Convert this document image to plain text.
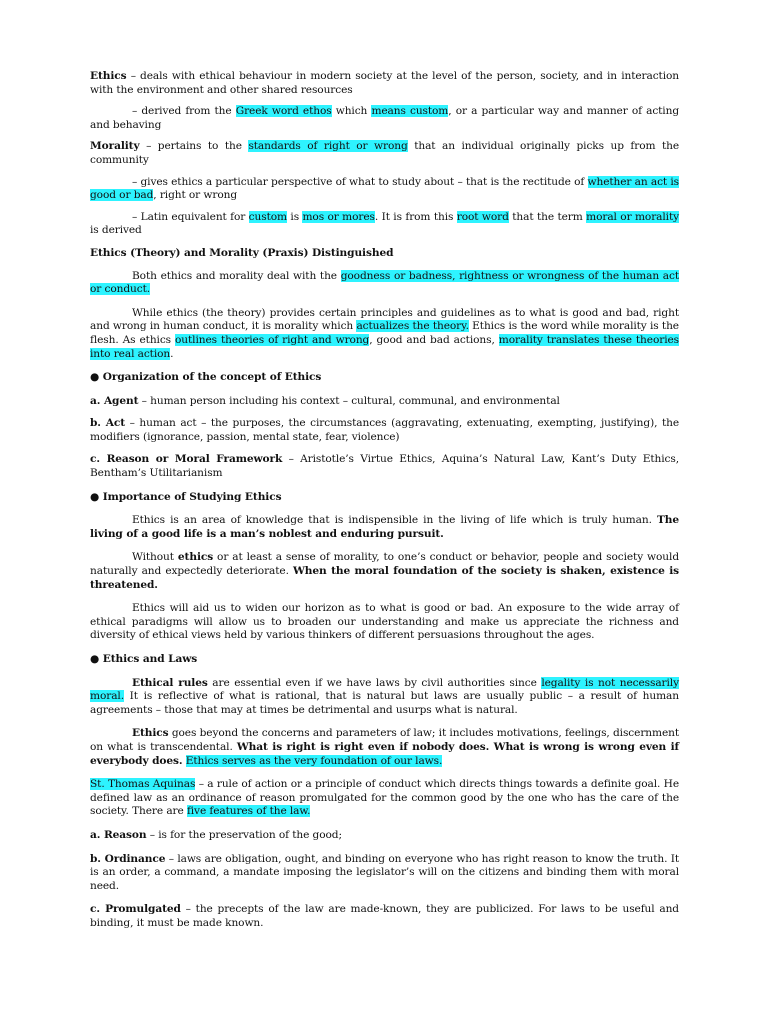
Ethics – deals with ethical behaviour in modern society at the level of the person, society, and in interaction with the environment and other shared resources

– derived from the Greek word ethos which means custom, or a particular way and manner of acting and behaving

Morality – pertains to the standards of right or wrong that an individual originally picks up from the community

– gives ethics a particular perspective of what to study about – that is the rectitude of whether an act is good or bad, right or wrong

– Latin equivalent for custom is mos or mores. It is from this root word that the term moral or morality is derived

Ethics (Theory) and Morality (Praxis) Distinguished

Both ethics and morality deal with the goodness or badness, rightness or wrongness of the human act or conduct.

While ethics (the theory) provides certain principles and guidelines as to what is good and bad, right and wrong in human conduct, it is morality which actualizes the theory. Ethics is the word while morality is the flesh. As ethics outlines theories of right and wrong, good and bad actions, morality translates these theories into real action.

● Organization of the concept of Ethics

a. Agent – human person including his context – cultural, communal, and environmental

b. Act – human act – the purposes, the circumstances (aggravating, extenuating, exempting, justifying), the modifiers (ignorance, passion, mental state, fear, violence)

c. Reason or Moral Framework – Aristotle’s Virtue Ethics, Aquina’s Natural Law, Kant’s Duty Ethics, Bentham’s Utilitarianism

● Importance of Studying Ethics

Ethics is an area of knowledge that is indispensible in the living of life which is truly human. The living of a good life is a man’s noblest and enduring pursuit.

Without ethics or at least a sense of morality, to one’s conduct or behavior, people and society would naturally and expectedly deteriorate. When the moral foundation of the society is shaken, existence is threatened.

Ethics will aid us to widen our horizon as to what is good or bad. An exposure to the wide array of ethical paradigms will allow us to broaden our understanding and make us appreciate the richness and diversity of ethical views held by various thinkers of different persuasions throughout the ages.

● Ethics and Laws

Ethical rules are essential even if we have laws by civil authorities since legality is not necessarily moral. It is reflective of what is rational, that is natural but laws are usually public – a result of human agreements – those that may at times be detrimental and usurps what is natural.

Ethics goes beyond the concerns and parameters of law; it includes motivations, feelings, discernment on what is transcendental. What is right is right even if nobody does. What is wrong is wrong even if everybody does. Ethics serves as the very foundation of our laws.

St. Thomas Aquinas – a rule of action or a principle of conduct which directs things towards a definite goal. He defined law as an ordinance of reason promulgated for the common good by the one who has the care of the society. There are five features of the law.

a. Reason – is for the preservation of the good;

b. Ordinance – laws are obligation, ought, and binding on everyone who has right reason to know the truth. It is an order, a command, a mandate imposing the legislator’s will on the citizens and binding them with moral need.

c. Promulgated – the precepts of the law are made-known, they are publicized. For laws to be useful and binding, it must be made known.
